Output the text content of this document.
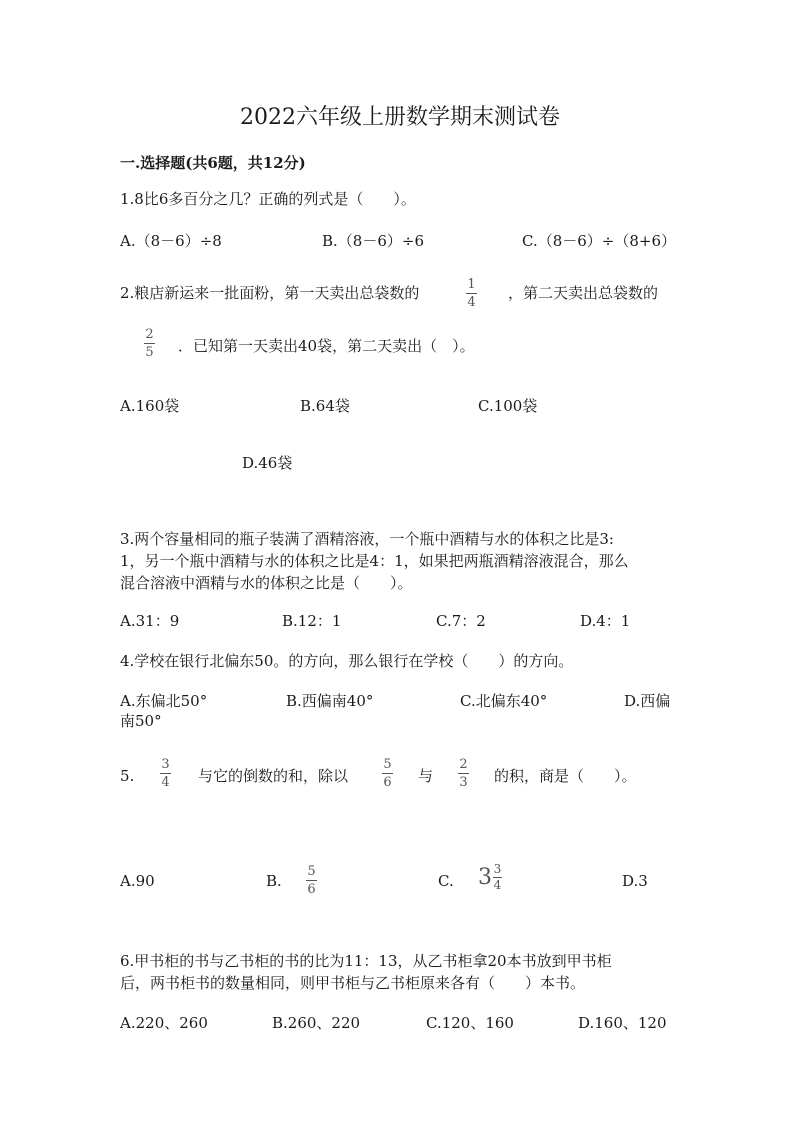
2022六年级上册数学期末测试卷
一.选择题(共6题，共12分)
1.8比6多百分之几？正确的列式是（　　）。
A.（8－6）÷8	B.（8－6）÷6	C.（8－6）÷（8+6）
2.粮店新运来一批面粉，第一天卖出总袋数的	1
4
，第二天卖出总袋数的
2
5 ．已知第一天卖出40袋，第二天卖出（　）。
A.160袋	B.64袋	C.100袋
D.46袋
3.两个容量相同的瓶子装满了酒精溶液，一个瓶中酒精与水的体积之比是3:
1，另一个瓶中酒精与水的体积之比是4：1，如果把两瓶酒精溶液混合，那么
混合溶液中酒精与水的体积之比是（　　）。
A.31：9	B.12：1	C.7：2	D.4：1
4.学校在银行北偏东50。的方向，那么银行在学校（　　）的方向。
A.东偏北50°	B.西偏南40°	C.北偏东40°	D.西偏
南50°
5.
3
4 与它的倒数的和，除以
5
6 与
2
3 的积，商是（　　）。
A.90	B.
5
6	C. $3 \frac{3}{4}$	D.3
6.甲书柜的书与乙书柜的书的比为11：13，从乙书柜拿20本书放到甲书柜
后，两书柜书的数量相同，则甲书柜与乙书柜原来各有（　　）本书。
A.220、260	B.260、220	C.120、160	D.160、120
